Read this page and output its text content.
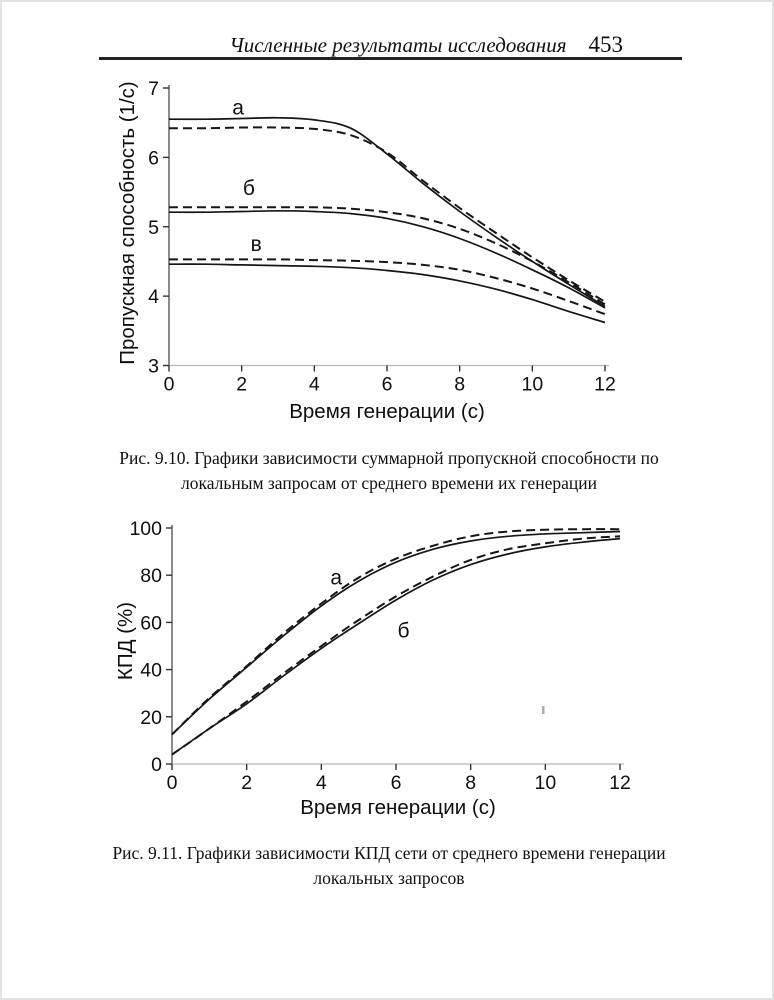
Численные результаты исследования 453
3
4
5
6
7
0	2	4	6	8	10	12
а
б
в
0
20
40
60
80
100
0	2	4	6	8	10	12
а
б
Пропускная способность (1/с)
Время генерации (с)
Рис. 9.10. Графики зависимости суммарной пропускной способности по
локальным запросам от среднего времени их генерации
КПД (%)
Время генерации (с)
Рис. 9.11. Графики зависимости КПД сети от среднего времени генерации
локальных запросов
